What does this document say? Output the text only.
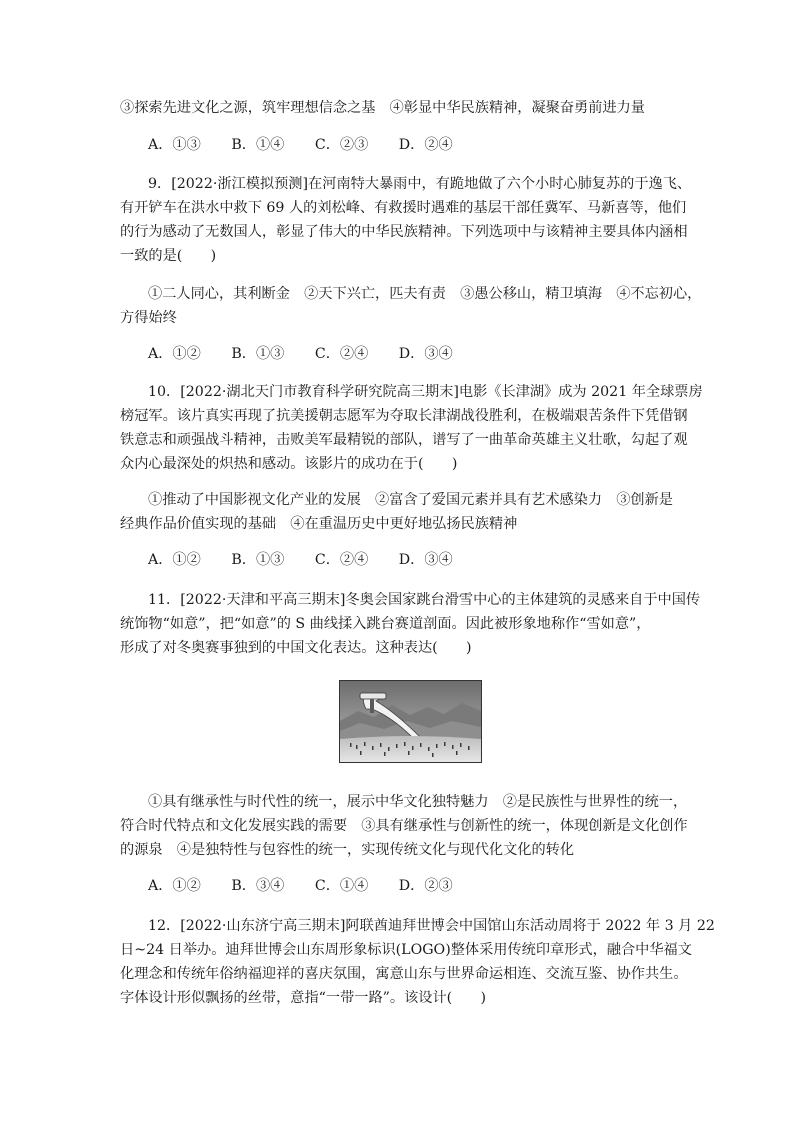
③探索先进文化之源，筑牢理想信念之基　④彰显中华民族精神，凝聚奋勇前进力量
A．①③ B．①④ C．②③ D．②④
9．[2022·浙江模拟预测]在河南特大暴雨中，有跪地做了六个小时心肺复苏的于逸飞、
有开铲车在洪水中救下 69 人的刘松峰、有救援时遇难的基层干部任冀军、马新喜等，他们
的行为感动了无数国人，彰显了伟大的中华民族精神。下列选项中与该精神主要具体内涵相
一致的是(　　)
①二人同心，其利断金　②天下兴亡，匹夫有责　③愚公移山，精卫填海　④不忘初心，
方得始终
A．①② B．①③ C．②④ D．③④
10．[2022·湖北天门市教育科学研究院高三期末]电影《长津湖》成为 2021 年全球票房
榜冠军。该片真实再现了抗美援朝志愿军为夺取长津湖战役胜利，在极端艰苦条件下凭借钢
铁意志和顽强战斗精神，击败美军最精锐的部队，谱写了一曲革命英雄主义壮歌，勾起了观
众内心最深处的炽热和感动。该影片的成功在于(　　)
①推动了中国影视文化产业的发展　②富含了爱国元素并具有艺术感染力　③创新是
经典作品价值实现的基础　④在重温历史中更好地弘扬民族精神
A．①② B．①③ C．②④ D．③④
11．[2022·天津和平高三期末]冬奥会国家跳台滑雪中心的主体建筑的灵感来自于中国传
统饰物“如意”，把“如意”的 S 曲线揉入跳台赛道剖面。因此被形象地称作“雪如意”，
形成了对冬奥赛事独到的中国文化表达。这种表达(　　)
①具有继承性与时代性的统一，展示中华文化独特魅力　②是民族性与世界性的统一，
符合时代特点和文化发展实践的需要　③具有继承性与创新性的统一，体现创新是文化创作
的源泉　④是独特性与包容性的统一，实现传统文化与现代化文化的转化
A．①② B．③④ C．①④ D．②③
12．[2022·山东济宁高三期末]阿联酋迪拜世博会中国馆山东活动周将于 2022 年 3 月 22
日~24 日举办。迪拜世博会山东周形象标识(LOGO)整体采用传统印章形式，融合中华福文
化理念和传统年俗纳福迎祥的喜庆氛围，寓意山东与世界命运相连、交流互鉴、协作共生。
字体设计形似飘扬的丝带，意指“一带一路”。该设计(　　)
